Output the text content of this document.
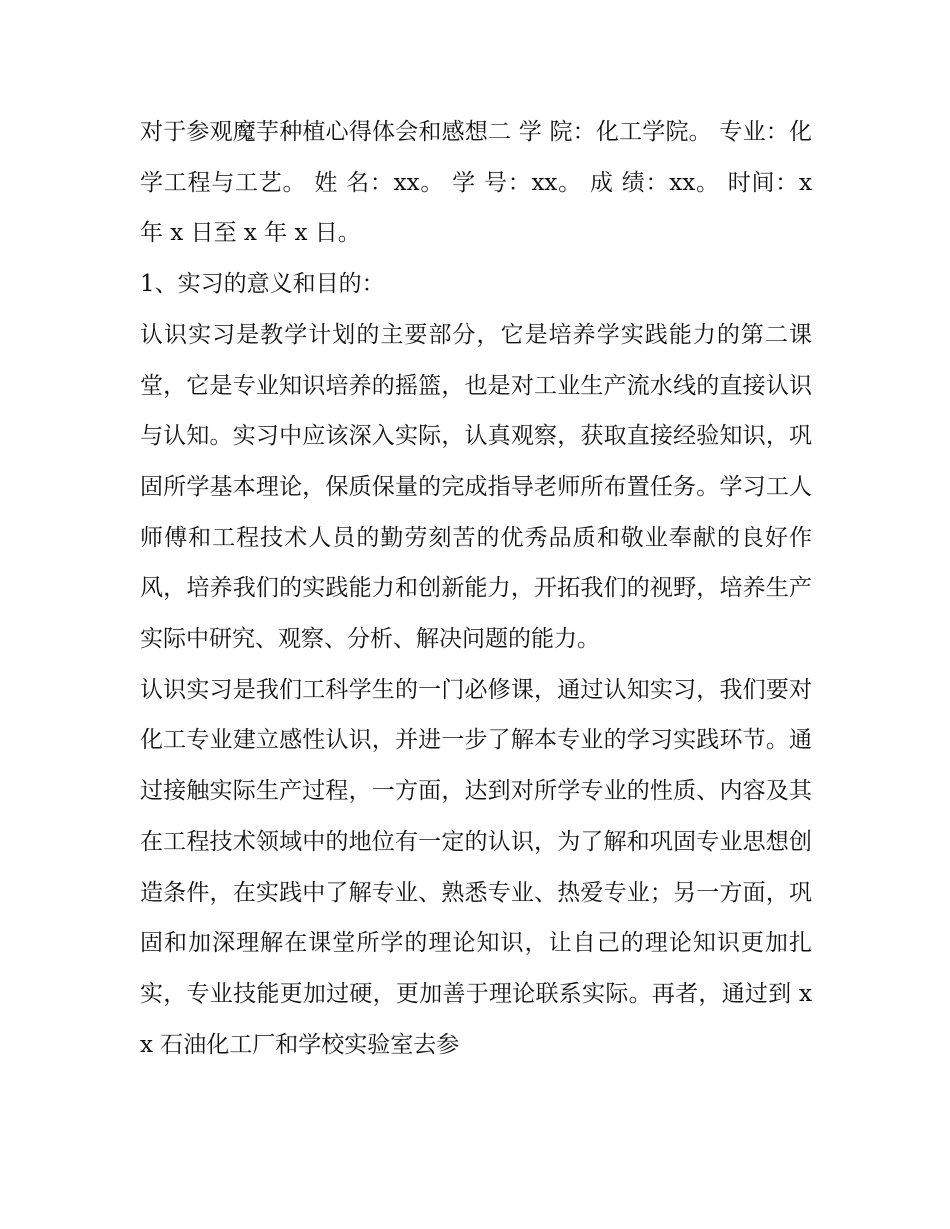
对于参观魔芋种植心得体会和感想二 学 院：化工学院。 专业：化学工程与工艺。 姓 名：xx。 学 号：xx。 成 绩：xx。 时间：x 年 x 日至 x 年 x 日。

1、实习的意义和目的：

认识实习是教学计划的主要部分，它是培养学实践能力的第二课堂，它是专业知识培养的摇篮，也是对工业生产流水线的直接认识与认知。实习中应该深入实际，认真观察，获取直接经验知识，巩固所学基本理论，保质保量的完成指导老师所布置任务。学习工人师傅和工程技术人员的勤劳刻苦的优秀品质和敬业奉献的良好作风，培养我们的实践能力和创新能力，开拓我们的视野，培养生产实际中研究、观察、分析、解决问题的能力。

认识实习是我们工科学生的一门必修课，通过认知实习，我们要对化工专业建立感性认识，并进一步了解本专业的学习实践环节。通过接触实际生产过程，一方面，达到对所学专业的性质、内容及其在工程技术领域中的地位有一定的认识，为了解和巩固专业思想创造条件，在实践中了解专业、熟悉专业、热爱专业；另一方面，巩固和加深理解在课堂所学的理论知识，让自己的理论知识更加扎实，专业技能更加过硬，更加善于理论联系实际。再者，通过到 xx 石油化工厂和学校实验室去参
